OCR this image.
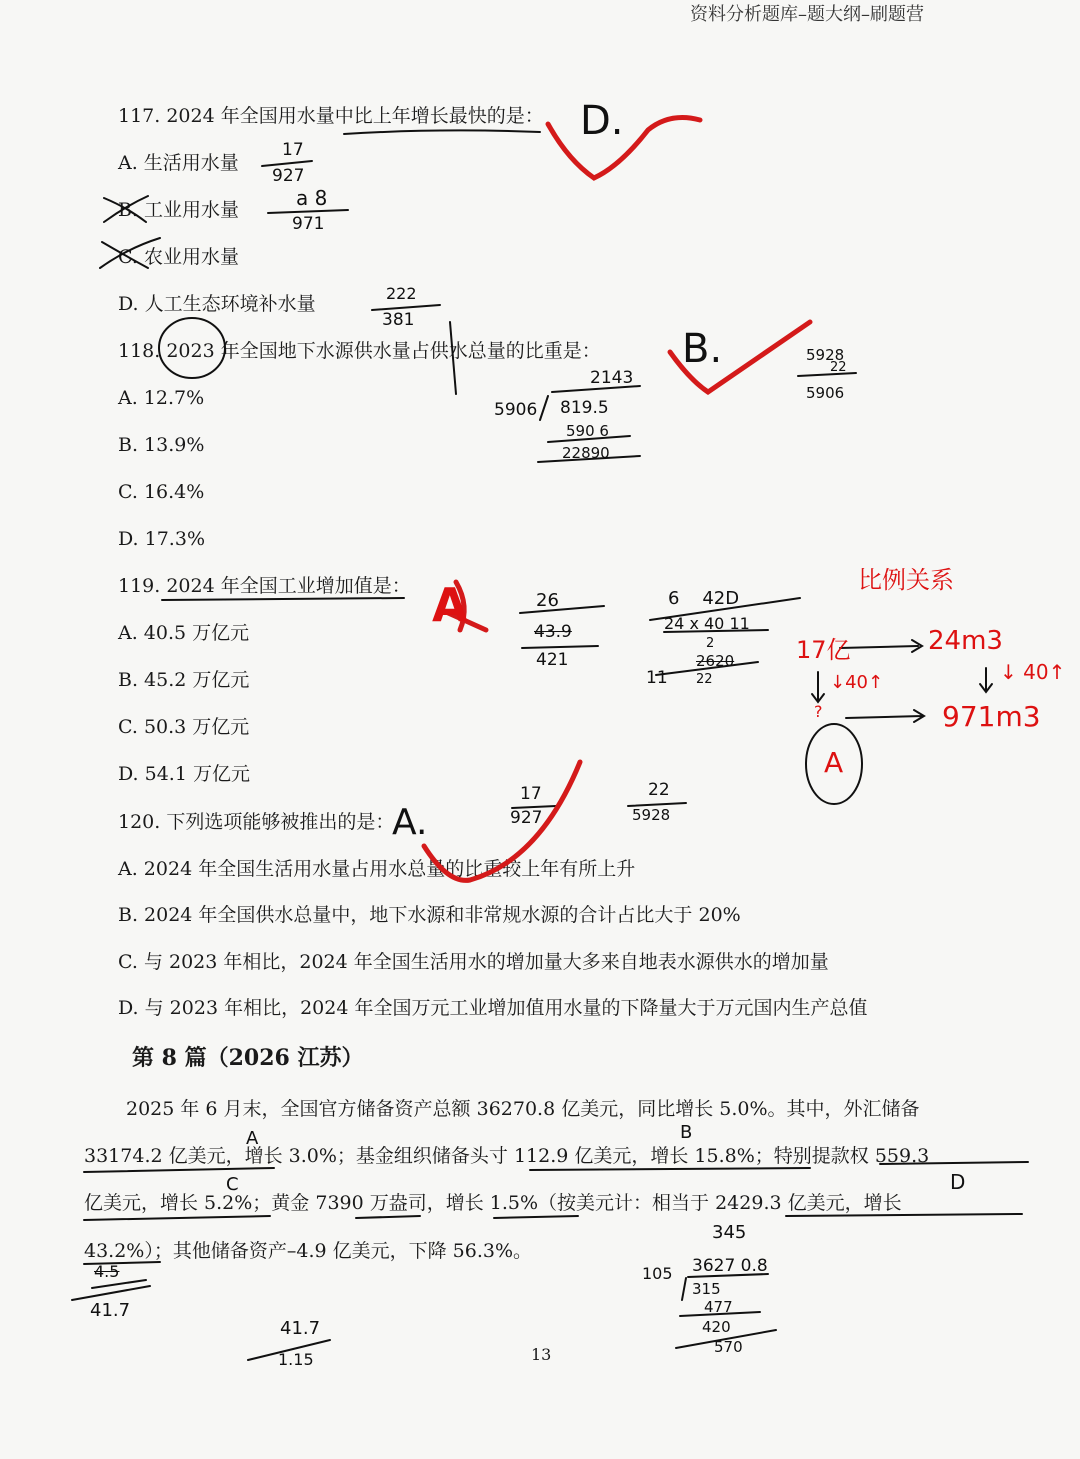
资料分析题库–题大纲–刷题营
117. 2024 年全国用水量中比上年增长最快的是：
A. 生活用水量
B. 工业用水量
C. 农业用水量
D. 人工生态环境补水量
118. 2023 年全国地下水源供水量占供水总量的比重是：
A. 12.7%
B. 13.9%
C. 16.4%
D. 17.3%
119. 2024 年全国工业增加值是：
A. 40.5 万亿元
B. 45.2 万亿元
C. 50.3 万亿元
D. 54.1 万亿元
120. 下列选项能够被推出的是：
A. 2024 年全国生活用水量占用水总量的比重较上年有所上升
B. 2024 年全国供水总量中，地下水源和非常规水源的合计占比大于 20%
C. 与 2023 年相比，2024 年全国生活用水的增加量大多来自地表水源供水的增加量
D. 与 2023 年相比，2024 年全国万元工业增加值用水量的下降量大于万元国内生产总值
第 8 篇（2026 江苏）
2025 年 6 月末，全国官方储备资产总额 36270.8 亿美元，同比增长 5.0%。其中，外汇储备
33174.2 亿美元，增长 3.0%；基金组织储备头寸 112.9 亿美元，增长 15.8%；特别提款权 559.3
亿美元，增长 5.2%；黄金 7390 万盎司，增长 1.5%（按美元计：相当于 2429.3 亿美元，增长
43.2%）；其他储备资产–4.9 亿美元，下降 56.3%。
13
D.
B.
A
A.
17
927
a 8
971
222
381
2143
5906 819.5
590 6
22890
5928
22
5906
26
43.9
421
6    42D
24 x 40 11
2
11
2620
22
比例关系
17亿	24m3
↓40↑	↓ 40↑
?	971m3
A
17
927
22
5928
A	B
C	D
4.5
41.7
41.7
1.15
345
105 3627 0.8
315
477
420
570
